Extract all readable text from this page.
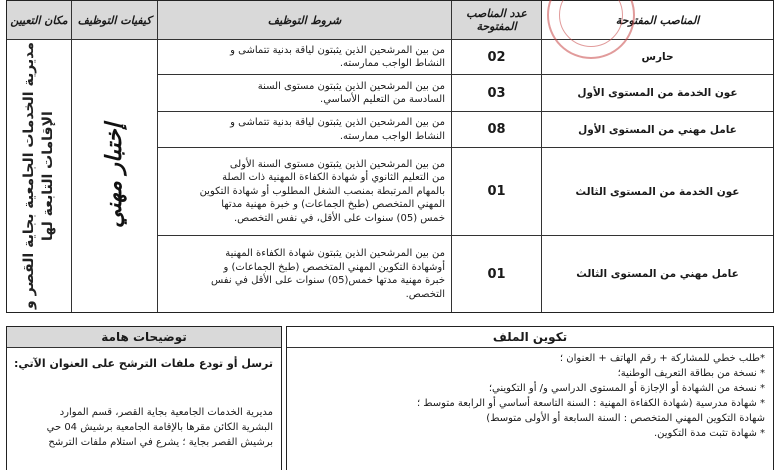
مكان التعيين كيفيات التوظيف	شروط التوظيف	عدد المناصب المفتوحة	المناصب المفتوحة
مديرية الخدمات الجامعية بجاية القصر و الإقامات التابعة لها	إختبار مهني
من بين المرشحين الذين يثبتون لياقة بدنية تتماشى و
النشاط الواجب ممارسته.	02	حارس
من بين المرشحين الذين يثبتون مستوى السنة
السادسة من التعليم الأساسي.	03	عون الخدمة من المستوى الأول
من بين المرشحين الذين يثبتون لياقة بدنية تتماشى و
النشاط الواجب ممارسته.	08	عامل مهني من المستوى الأول
من بين المرشحين الذين يثبتون مستوى السنة الأولى
من التعليم الثانوي أو شهادة الكفاءة المهنية ذات الصلة
بالمهام المرتبطة بمنصب الشغل المطلوب أو شهادة التكوين
المهني المتخصص (طبخ الجماعات) و خبرة مهنية مدتها
خمس (05) سنوات على الأقل، في نفس التخصص.
01	عون الخدمة من المستوى الثالث
من بين المرشحين الذين يثبتون شهادة الكفاءة المهنية
أوشهادة التكوين المهني المتخصص (طبخ الجماعات) و
خبرة مهنية مدتها خمس(05) سنوات على الأقل في نفس
التخصص.
01	عامل مهني من المستوى الثالث
توضيحات هامة
ترسل أو تودع ملفات الترشح على العنوان الآتي:
مديرية الخدمات الجامعية بجاية القصر، قسم الموارد
البشرية الكائن مقرها بالإقامة الجامعية برشيش 04 حي
برشيش القصر بجاية ؛ يشرع في استلام ملفات الترشح
تكوين الملف
*طلب خطي للمشاركة + رقم الهاتف + العنوان ؛
* نسخة من بطاقة التعريف الوطنية؛
* نسخة من الشهادة أو الإجازة أو المستوى الدراسي و/ أو التكويني؛
* شهادة مدرسية (شهادة الكفاءة المهنية : السنة التاسعة أساسي أو الرابعة متوسط ؛
شهادة التكوين المهني المتخصص : السنة السابعة أو الأولى متوسط)
* شهادة تثبت مدة التكوين.
